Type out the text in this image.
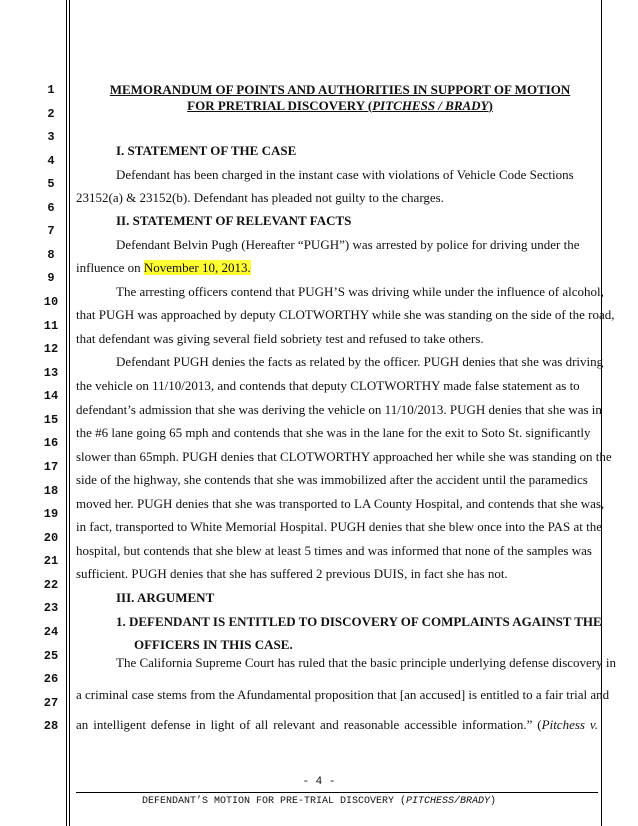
1
2
3
4
5
6
7
8
9
10
11
12
13
14
15
16
17
18
19
20
21
22
23
24
25
26
27
28
MEMORANDUM OF POINTS AND AUTHORITIES IN SUPPORT OF MOTION
FOR PRETRIAL DISCOVERY (PITCHESS / BRADY)
I. STATEMENT OF THE CASE
Defendant has been charged in the instant case with violations of Vehicle Code Sections
23152(a) & 23152(b). Defendant has pleaded not guilty to the charges.
II. STATEMENT OF RELEVANT FACTS
Defendant Belvin Pugh (Hereafter “PUGH”) was arrested by police for driving under the
influence on November 10, 2013.
The arresting officers contend that PUGH’S was driving while under the influence of alcohol,
that PUGH was approached by deputy CLOTWORTHY while she was standing on the side of the road,
that defendant was giving several field sobriety test and refused to take others.
Defendant PUGH denies the facts as related by the officer. PUGH denies that she was driving
the vehicle on 11/10/2013, and contends that deputy CLOTWORTHY made false statement as to
defendant’s admission that she was deriving the vehicle on 11/10/2013. PUGH denies that she was in
the #6 lane going 65 mph and contends that she was in the lane for the exit to Soto St. significantly
slower than 65mph. PUGH denies that CLOTWORTHY approached her while she was standing on the
side of the highway, she contends that she was immobilized after the accident until the paramedics
moved her. PUGH denies that she was transported to LA County Hospital, and contends that she was,
in fact, transported to White Memorial Hospital. PUGH denies that she blew once into the PAS at the
hospital, but contends that she blew at least 5 times and was informed that none of the samples was
sufficient. PUGH denies that she has suffered 2 previous DUIS, in fact she has not.
III. ARGUMENT
1. DEFENDANT IS ENTITLED TO DISCOVERY OF COMPLAINTS AGAINST THE
OFFICERS IN THIS CASE.
The California Supreme Court has ruled that the basic principle underlying defense discovery in
a criminal case stems from the Afundamental proposition that [an accused] is entitled to a fair trial and
an intelligent defense in light of all relevant and reasonable accessible information.” (Pitchess v.
- 4 -
DEFENDANT’S MOTION FOR PRE-TRIAL DISCOVERY (PITCHESS/BRADY)
